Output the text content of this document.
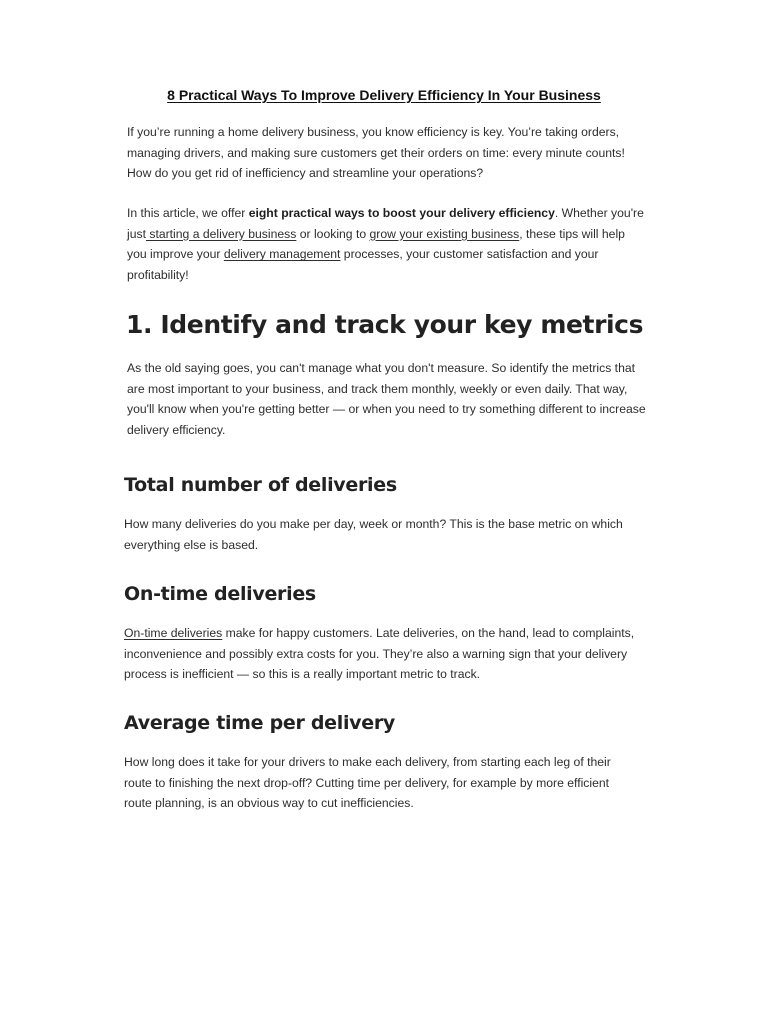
8 Practical Ways To Improve Delivery Efficiency In Your Business

If you’re running a home delivery business, you know efficiency is key. You’re taking orders, managing drivers, and making sure customers get their orders on time: every minute counts! How do you get rid of inefficiency and streamline your operations?

In this article, we offer eight practical ways to boost your delivery efficiency. Whether you're just starting a delivery business or looking to grow your existing business, these tips will help you improve your delivery management processes, your customer satisfaction and your profitability!

1. Identify and track your key metrics

As the old saying goes, you can't manage what you don't measure. So identify the metrics that are most important to your business, and track them monthly, weekly or even daily. That way, you'll know when you're getting better — or when you need to try something different to increase delivery efficiency.

Total number of deliveries

How many deliveries do you make per day, week or month? This is the base metric on which everything else is based.

On-time deliveries

On-time deliveries make for happy customers. Late deliveries, on the hand, lead to complaints, inconvenience and possibly extra costs for you. They’re also a warning sign that your delivery process is inefficient — so this is a really important metric to track.

Average time per delivery

How long does it take for your drivers to make each delivery, from starting each leg of their route to finishing the next drop-off? Cutting time per delivery, for example by more efficient route planning, is an obvious way to cut inefficiencies.
